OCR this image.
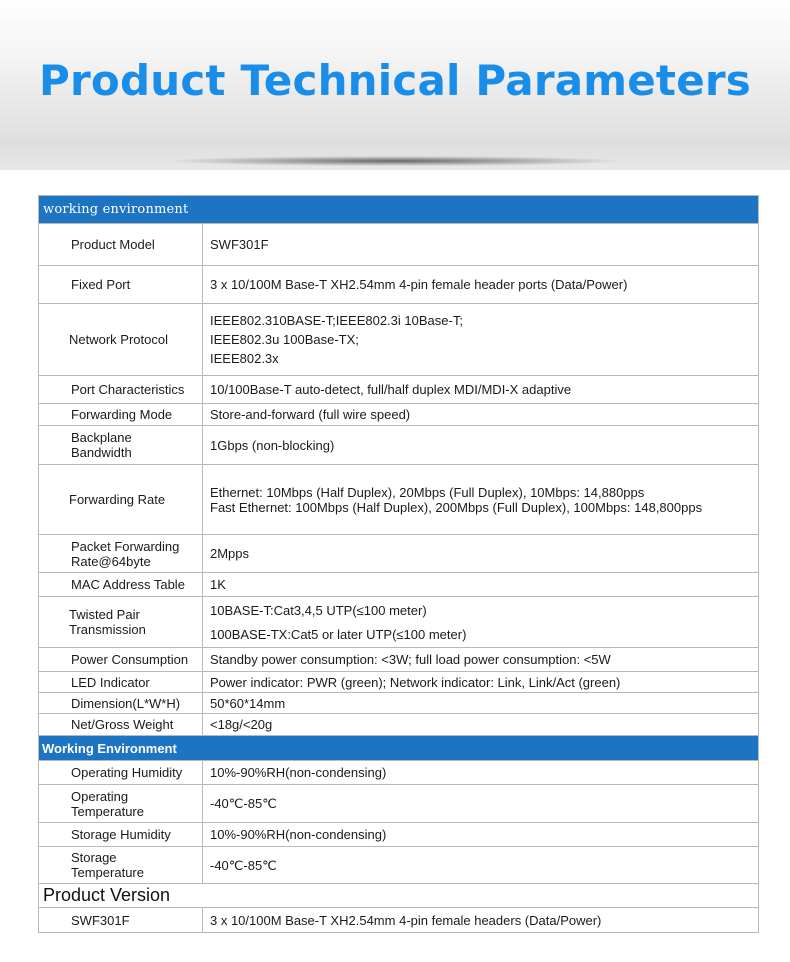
Product Technical Parameters
working environment	
Product Model	SWF301F
Fixed Port	3 x 10/100M Base-T XH2.54mm 4-pin female header ports (Data/Power)
Network Protocol	IEEE802.310BASE-T;IEEE802.3i 10Base-T;
IEEE802.3u 100Base-TX;
IEEE802.3x

Port Characteristics	10/100Base-T auto-detect, full/half duplex MDI/MDI-X adaptive
Forwarding Mode	Store-and-forward (full wire speed)

Backplane
Bandwidth	1Gbps (non-blocking)
Forwarding Rate	Ethernet: 10Mbps (Half Duplex), 20Mbps (Full Duplex), 10Mbps: 14,880pps
Fast Ethernet: 100Mbps (Half Duplex), 200Mbps (Full Duplex), 100Mbps: 148,800pps

Packet Forwarding
Rate@64byte	2Mpps
MAC Address Table	1K

Twisted Pair
Transmission	10BASE-T:Cat3,4,5 UTP(≤100 meter)
100BASE-TX:Cat5 or later UTP(≤100 meter)

Power Consumption	Standby power consumption: <3W; full load power consumption: <5W
LED Indicator	Power indicator: PWR (green); Network indicator: Link, Link/Act (green)
Dimension(L*W*H)	50*60*14mm
Net/Gross Weight	<18g/<20g
Working Environment	
Operating Humidity	10%-90%RH(non-condensing)

Operating
Temperature	-40℃-85℃
Storage Humidity	10%-90%RH(non-condensing)

Storage
Temperature	-40℃-85℃
Product Version	
SWF301F	3 x 10/100M Base-T XH2.54mm 4-pin female headers (Data/Power)
